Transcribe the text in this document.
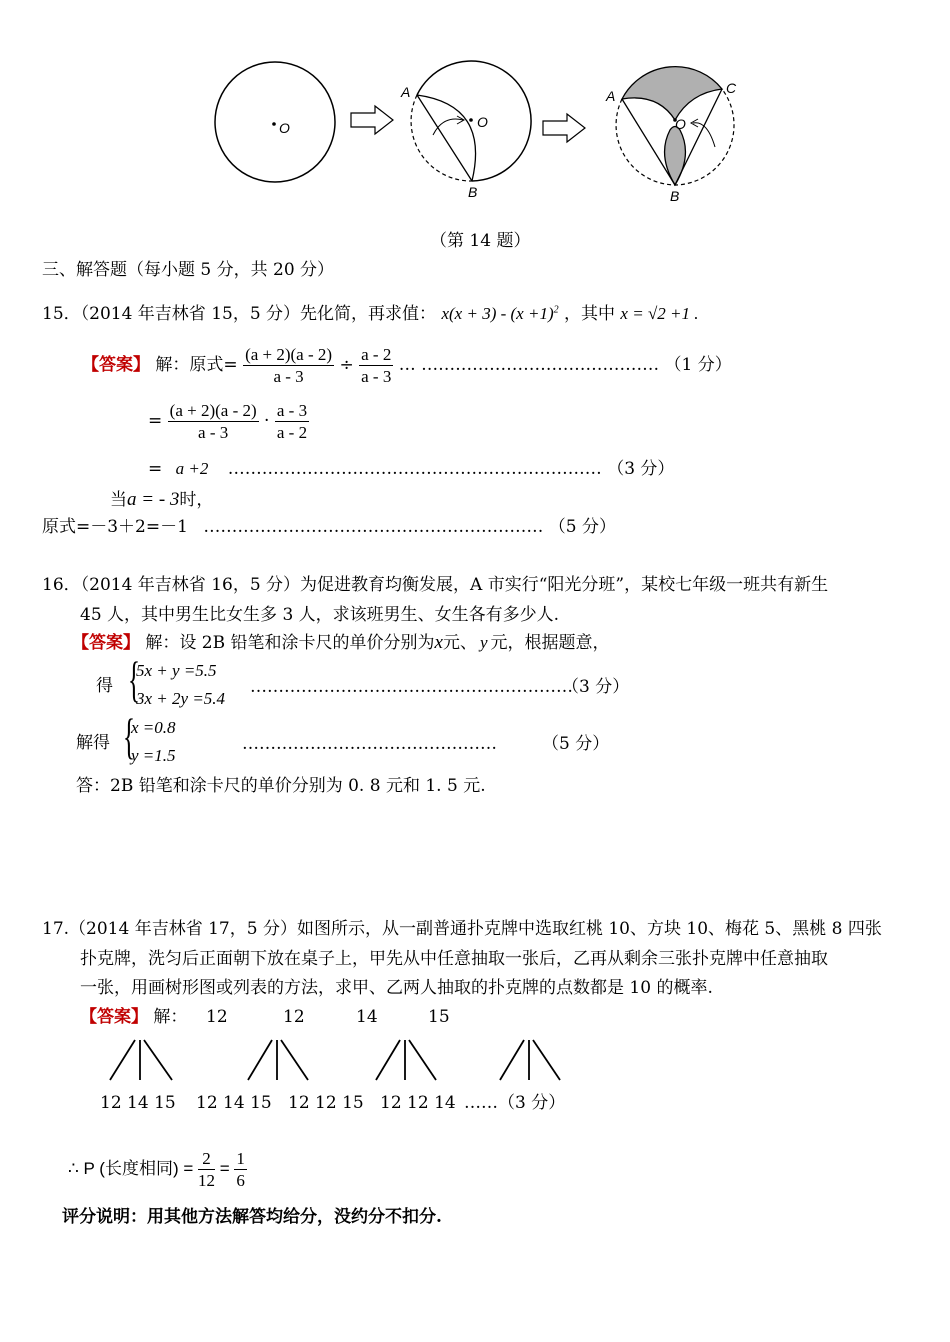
O	O
A
B
O
A	C
B
（第 14 题）
三、解答题（每小题 5 分，共 20 分）
15．（2014 年吉林省 15，5 分）先化简，再求值： $x(x + 3) - (x +1)^2$ ，其中 x = √2 +1 .
【答案】 解：原式= $\frac{(a + 2)(a - 2)}{a - 3} \div \frac{a - 2}{a - 3}$ … …………………………………… （1 分）
= $\frac{(a + 2)(a - 2)}{a - 3} \cdot \frac{a - 3}{a - 2}$
= a +2 ………………………………………………………… （3 分）
当a = - 3时，
原式=－3＋2=－1 …………………………………………………… （5 分）
16．（2014 年吉林省 16，5 分）为促进教育均衡发展，A 市实行“阳光分班”，某校七年级一班共有新生
45 人，其中男生比女生多 3 人，求该班男生、女生各有多少人.
【答案】 解：设 2B 铅笔和涂卡尺的单价分别为x元、 y 元，根据题意，
得 {
5x + y =5.5
3x + 2y =5.4
…………………………………………………
（3 分）
解得 {
x =0.8
y =1.5
………………………………………	（5 分）
答：2B 铅笔和涂卡尺的单价分别为 0. 8 元和 1. 5 元.
17.（2014 年吉林省 17，5 分）如图所示，从一副普通扑克牌中选取红桃 10、方块 10、梅花 5、黑桃 8 四张
扑克牌，洗匀后正面朝下放在桌子上，甲先从中任意抽取一张后，乙再从剩余三张扑克牌中任意抽取
一张，用画树形图或列表的方法，求甲、乙两人抽取的扑克牌的点数都是 10 的概率.
【答案】 解： 12	12	14	15
12 14 15 12 14 15 12 12 15 12 12 14 ……（3 分）
∴ P (长度相同) = $\frac{2}{12} = \frac{1}{6}$
评分说明：用其他方法解答均给分，没约分不扣分.
